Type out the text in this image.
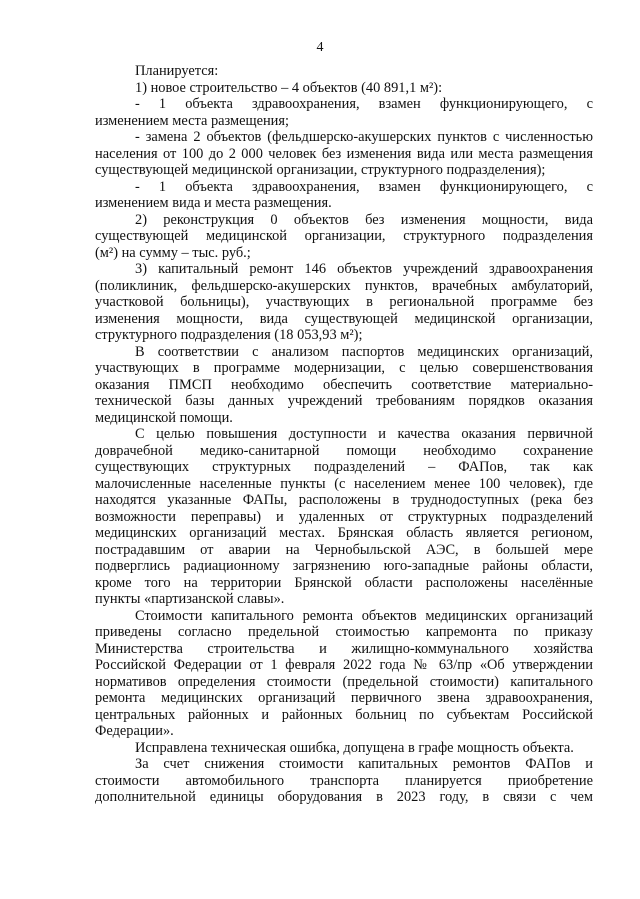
4
Планируется:
1) новое строительство – 4 объектов (40 891,1 м²):
- 1 объекта здравоохранения, взамен функционирующего, с
изменением места размещения;
- замена 2 объектов (фельдшерско-акушерских пунктов с численностью
населения от 100 до 2 000 человек без изменения вида или места размещения
существующей медицинской организации, структурного подразделения);
- 1 объекта здравоохранения, взамен функционирующего, с
изменением вида и места размещения.
2) реконструкция 0 объектов без изменения мощности, вида
существующей медицинской организации, структурного подразделения
(м²) на сумму – тыс. руб.;
3) капитальный ремонт 146 объектов учреждений здравоохранения
(поликлиник, фельдшерско-акушерских пунктов, врачебных амбулаторий,
участковой больницы), участвующих в региональной программе без
изменения мощности, вида существующей медицинской организации,
структурного подразделения (18 053,93 м²);
В соответствии с анализом паспортов медицинских организаций,
участвующих в программе модернизации, с целью совершенствования
оказания ПМСП необходимо обеспечить соответствие материально-
технической базы данных учреждений требованиям порядков оказания
медицинской помощи.
С целью повышения доступности и качества оказания первичной
доврачебной медико-санитарной помощи необходимо сохранение
существующих структурных подразделений – ФАПов, так как
малочисленные населенные пункты (с населением менее 100 человек), где
находятся указанные ФАПы, расположены в труднодоступных (река без
возможности переправы) и удаленных от структурных подразделений
медицинских организаций местах. Брянская область является регионом,
пострадавшим от аварии на Чернобыльской АЭС, в большей мере
подверглись радиационному загрязнению юго-западные районы области,
кроме того на территории Брянской области расположены населённые
пункты «партизанской славы».
Стоимости капитального ремонта объектов медицинских организаций
приведены согласно предельной стоимостью капремонта по приказу
Министерства строительства и жилищно-коммунального хозяйства
Российской Федерации от 1 февраля 2022 года № 63/пр «Об утверждении
нормативов определения стоимости (предельной стоимости) капитального
ремонта медицинских организаций первичного звена здравоохранения,
центральных районных и районных больниц по субъектам Российской
Федерации».
Исправлена техническая ошибка, допущена в графе мощность объекта.
За счет снижения стоимости капитальных ремонтов ФАПов и
стоимости автомобильного транспорта планируется приобретение
дополнительной единицы оборудования в 2023 году, в связи с чем
